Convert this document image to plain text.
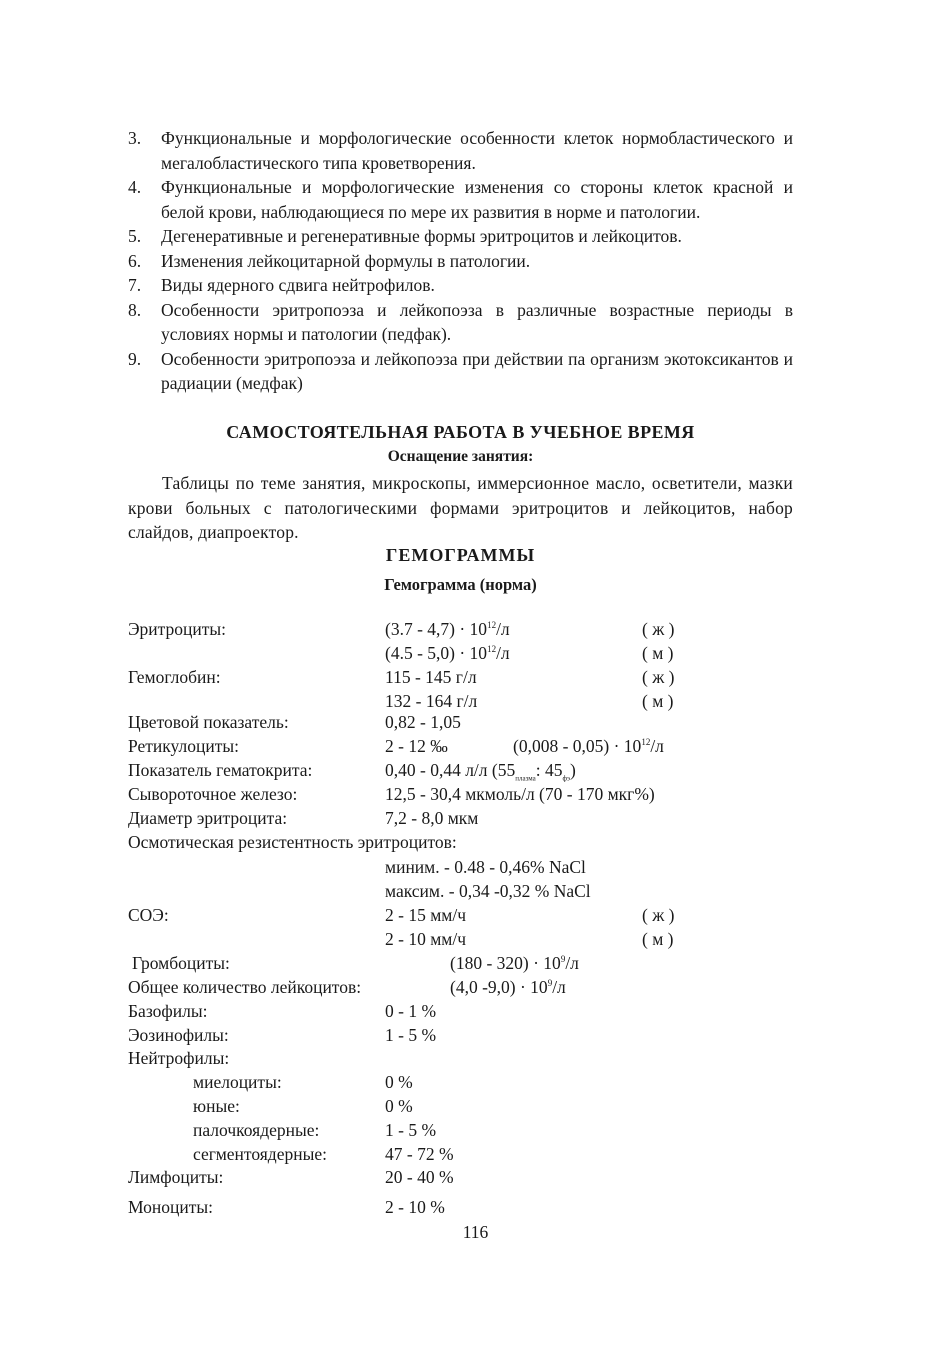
3. Функциональные и морфологические особенности клеток нормобластического и мегалобластического типа кроветворения.
4. Функциональные и морфологические изменения со стороны клеток красной и белой крови, наблюдающиеся по мере их развития в норме и патологии.
5. Дегенеративные и регенеративные формы эритроцитов и лейкоцитов.
6. Изменения лейкоцитарной формулы в патологии.
7. Виды ядерного сдвига нейтрофилов.
8. Особенности эритропоэза и лейкопоэза в различные возрастные периоды в условиях нормы и патологии (педфак).
9. Особенности эритропоэза и лейкопоэза при действии па организм экотоксикантов и радиации (медфак)
САМОСТОЯТЕЛЬНАЯ РАБОТА В УЧЕБНОЕ ВРЕМЯ
Оснащение занятия:
Таблицы по теме занятия, микроскопы, иммерсионное масло, осветители, мазки крови больных с патологическими формами эритроцитов и лейкоцитов, набор слайдов, диапроектор.
ГЕМОГРАММЫ
Гемограмма (норма)
Эритроциты:	$(3.7 - 4,7) \cdot 10^{12}/л$	( ж )
$(4.5 - 5,0) \cdot 10^{12}/л$	( м )
Гемоглобин:	115 - 145 г/л	( ж )
132 - 164 г/л	( м )
Цветовой показатель:	0,82 - 1,05
Ретикулоциты:	2 - 12 ‰	$(0,008 - 0,05) \cdot 10^{12}/л$
Показатель гематокрита:	0,40 - 0,44 л/л ($55_{плазма}$: $45_{фэ}$)
Сывороточное железо:	12,5 - 30,4 мкмоль/л (70 - 170 мкг%)
Диаметр эритроцита:	7,2 - 8,0 мкм
Осмотическая резистентность эритроцитов:
миним. - 0.48 - 0,46% NaCl
максим. - 0,34 -0,32 % NaCl
СОЭ:	2 - 15 мм/ч	( ж )
2 - 10 мм/ч	( м )
Громбоциты:	$(180 - 320) \cdot 10^9/л$
Общее количество лейкоцитов:	(4,0 $-9,0) \cdot 10^9/л$
Базофилы:	0 - 1 %
Эозинофилы:	1 - 5 %
Нейтрофилы:
миелоциты:	0 %
юные:	0 %
палочкоядерные:	1 - 5 %
сегментоядерные:	47 - 72 %
Лимфоциты:	20 - 40 %
Моноциты:	2 - 10 %
116
